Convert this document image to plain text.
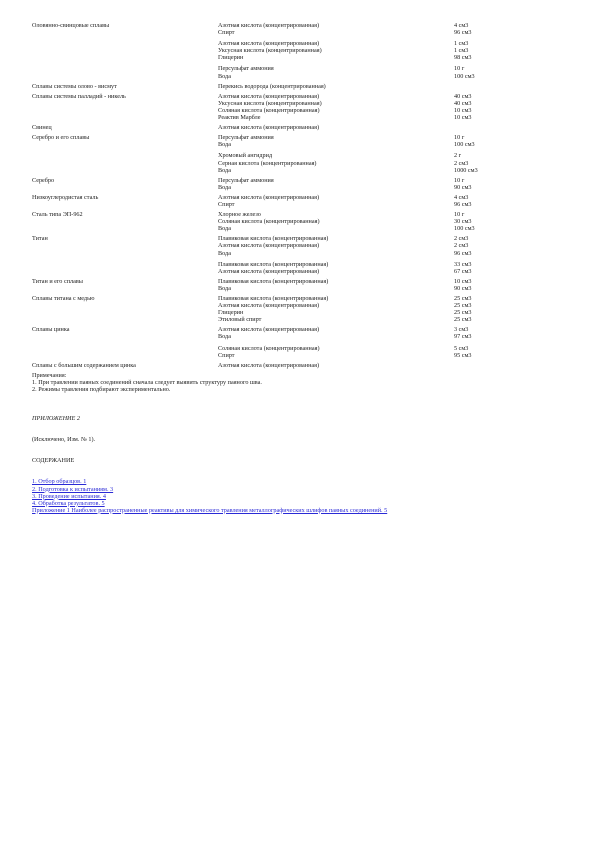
Оловянно-свинцовые сплавы	Азотная кислота (концентрированная)	4 см3
Спирт	96 см3
Азотная кислота (концентрированная)	1 см3
Уксусная кислота (концентрированная)	1 см3
Глицерин	98 см3
Персульфат аммония	10 г
Вода	100 см3
Сплавы системы олово - висмут	Перекись водорода (концентрированная)
Сплавы системы палладий - никель	Азотная кислота (концентрированная)	40 см3
Уксусная кислота (концентрированная)	40 см3
Соляная кислота (концентрированная)	10 см3
Реактив Марбле	10 см3
Свинец	Азотная кислота (концентрированная)
Серебро и его сплавы	Персульфат аммония	10 г
Вода	100 см3
Хромовый ангидрид	2 г
Серная кислота (концентрированная)	2 см3
Вода	1000 см3
Серебро	Персульфат аммония	10 г
Вода	90 см3
Низкоуглеродистая сталь	Азотная кислота (концентрированная)	4 см3
Спирт	96 см3
Сталь типа ЭП-962	Хлорное железо	10 г
Соляная кислота (концентрированная)	30 см3
Вода	100 см3
Титан	Плавиковая кислота (концентрированная)	2 см3
Азотная кислота (концентрированная)	2 см3
Вода	96 см3
Плавиковая кислота (концентрированная)	33 см3
Азотная кислота (концентрированная)	67 см3
Титан и его сплавы	Плавиковая кислота (концентрированная)	10 см3
Вода	90 см3
Сплавы титана с медью	Плавиковая кислота (концентрированная)	25 см3
Азотная кислота (концентрированная)	25 см3
Глицерин	25 см3
Этиловый спирт	25 см3
Сплавы цинка	Азотная кислота (концентрированная)	3 см3
Вода	97 см3
Соляная кислота (концентрированная)	5 см3
Спирт	95 см3
Сплавы с большим содержанием цинка	Азотная кислота (концентрированная)
Примечания:
1. При травлении паяных соединений сначала следует выявить структуру паяного шва.
2. Режимы травления подбирают экспериментально.
ПРИЛОЖЕНИЕ 2
(Исключено, Изм. № 1).
СОДЕРЖАНИЕ
1. Отбор образцов. 1
2. Подготовка к испытаниям. 3
3. Проведение испытания. 4
4. Обработка результатов. 5
Приложение 1 Наиболее распространенные реактивы для химического травления металлографических шлифов паяных соединений. 5
